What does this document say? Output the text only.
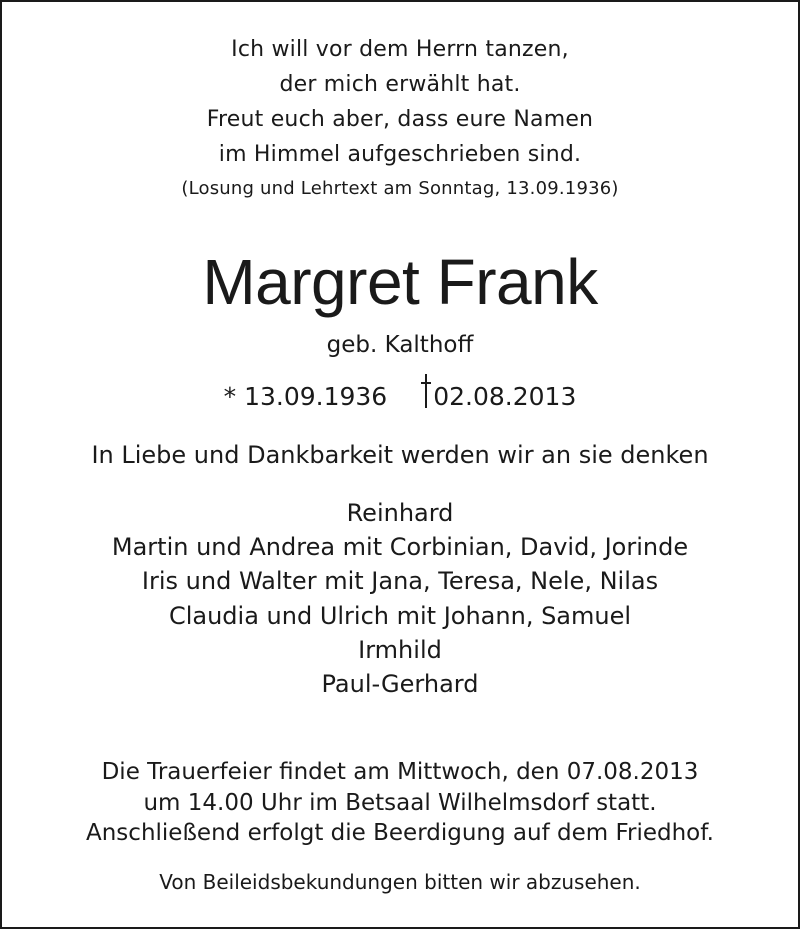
Ich will vor dem Herrn tanzen,
der mich erwählt hat.
Freut euch aber, dass eure Namen
im Himmel aufgeschrieben sind.
(Losung und Lehrtext am Sonntag, 13.09.1936)
Margret Frank
geb. Kalthoff
* 13.09.1936 02.08.2013
In Liebe und Dankbarkeit werden wir an sie denken
Reinhard
Martin und Andrea mit Corbinian, David, Jorinde
Iris und Walter mit Jana, Teresa, Nele, Nilas
Claudia und Ulrich mit Johann, Samuel
Irmhild
Paul-Gerhard
Die Trauerfeier findet am Mittwoch, den 07.08.2013
um 14.00 Uhr im Betsaal Wilhelmsdorf statt.
Anschließend erfolgt die Beerdigung auf dem Friedhof.
Von Beileidsbekundungen bitten wir abzusehen.
